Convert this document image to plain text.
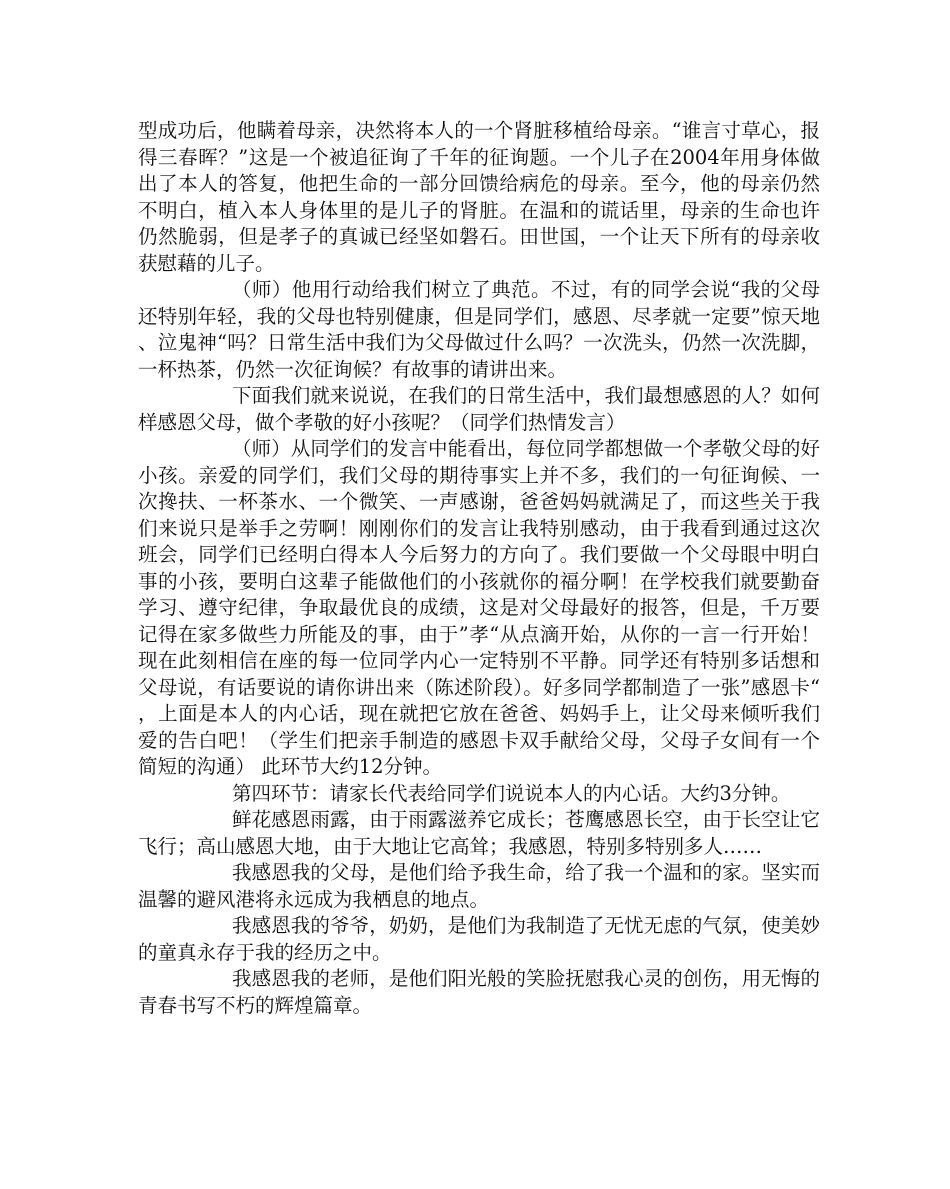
型成功后，他瞒着母亲，决然将本人的一个肾脏移植给母亲。“谁言寸草心，报得三春晖？”这是一个被追征询了千年的征询题。一个儿子在2004年用身体做出了本人的答复，他把生命的一部分回馈给病危的母亲。至今，他的母亲仍然不明白，植入本人身体里的是儿子的肾脏。在温和的谎话里，母亲的生命也许仍然脆弱，但是孝子的真诚已经坚如磐石。田世国，一个让天下所有的母亲收获慰藉的儿子。

（师）他用行动给我们树立了典范。不过，有的同学会说“我的父母还特别年轻，我的父母也特别健康，但是同学们，感恩、尽孝就一定要”惊天地、泣鬼神“吗？日常生活中我们为父母做过什么吗？一次洗头，仍然一次洗脚，一杯热茶，仍然一次征询候？有故事的请讲出来。

下面我们就来说说，在我们的日常生活中，我们最想感恩的人？如何样感恩父母，做个孝敬的好小孩呢？（同学们热情发言）

（师）从同学们的发言中能看出，每位同学都想做一个孝敬父母的好小孩。亲爱的同学们，我们父母的期待事实上并不多，我们的一句征询候、一次搀扶、一杯茶水、一个微笑、一声感谢，爸爸妈妈就满足了，而这些关于我们来说只是举手之劳啊！刚刚你们的发言让我特别感动，由于我看到通过这次班会，同学们已经明白得本人今后努力的方向了。我们要做一个父母眼中明白事的小孩，要明白这辈子能做他们的小孩就你的福分啊！在学校我们就要勤奋学习、遵守纪律，争取最优良的成绩，这是对父母最好的报答，但是，千万要记得在家多做些力所能及的事，由于”孝“从点滴开始，从你的一言一行开始！现在此刻相信在座的每一位同学内心一定特别不平静。同学还有特别多话想和父母说，有话要说的请你讲出来（陈述阶段）。好多同学都制造了一张”感恩卡“，上面是本人的内心话，现在就把它放在爸爸、妈妈手上，让父母来倾听我们爱的告白吧！（学生们把亲手制造的感恩卡双手献给父母，父母子女间有一个简短的沟通） 此环节大约12分钟。

第四环节：请家长代表给同学们说说本人的内心话。大约3分钟。

鲜花感恩雨露，由于雨露滋养它成长；苍鹰感恩长空，由于长空让它飞行；高山感恩大地，由于大地让它高耸；我感恩，特别多特别多人……

我感恩我的父母，是他们给予我生命，给了我一个温和的家。坚实而温馨的避风港将永远成为我栖息的地点。

我感恩我的爷爷，奶奶，是他们为我制造了无忧无虑的气氛，使美妙的童真永存于我的经历之中。

我感恩我的老师，是他们阳光般的笑脸抚慰我心灵的创伤，用无悔的青春书写不朽的辉煌篇章。
